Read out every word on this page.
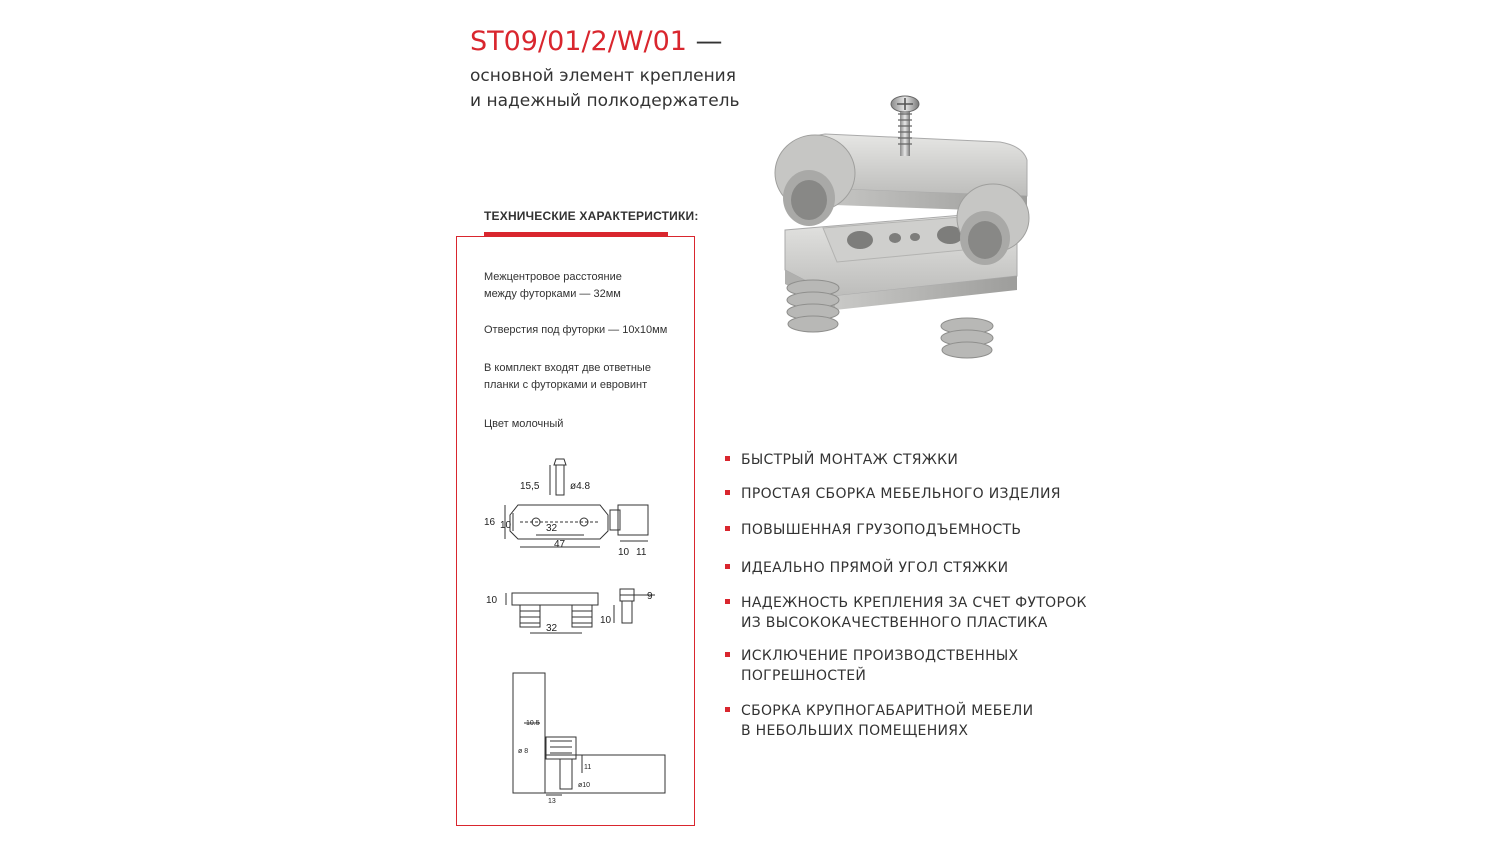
ST09/01/2/W/01 —
основной элемент крепления
и надежный полкодержатель
ТЕХНИЧЕСКИЕ ХАРАКТЕРИСТИКИ:
Межцентровое расстояние
между футорками — 32мм
Отверстия под футорки — 10х10мм
В комплект входят две ответные
планки с футорками и евровинт
Цвет молочный
15,5	ø4.8
16 10	32
47
10 11
10
32
9
10
10.5
ø 8
11
ø10
13

БЫСТРЫЙ МОНТАЖ СТЯЖКИ

ПРОСТАЯ СБОРКА МЕБЕЛЬНОГО ИЗДЕЛИЯ

ПОВЫШЕННАЯ ГРУЗОПОДЪЕМНОСТЬ

ИДЕАЛЬНО ПРЯМОЙ УГОЛ СТЯЖКИ

НАДЕЖНОСТЬ КРЕПЛЕНИЯ ЗА СЧЕТ ФУТОРОК
ИЗ ВЫСОКОКАЧЕСТВЕННОГО ПЛАСТИКА

ИСКЛЮЧЕНИЕ ПРОИЗВОДСТВЕННЫХ
ПОГРЕШНОСТЕЙ

СБОРКА КРУПНОГАБАРИТНОЙ МЕБЕЛИ
В НЕБОЛЬШИХ ПОМЕЩЕНИЯХ
